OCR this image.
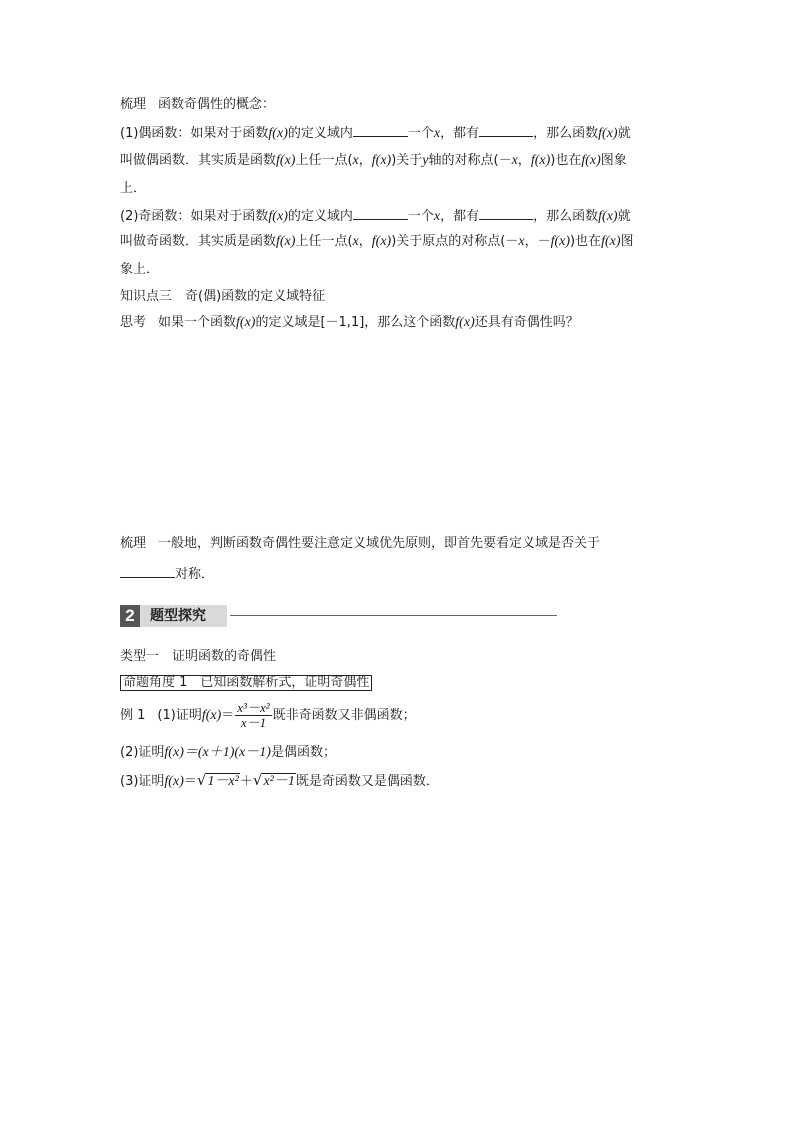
梳理 函数奇偶性的概念：
(1)偶函数：如果对于函数f(x)的定义域内	一个x，都有	，那么函数f(x)就
叫做偶函数．其实质是函数f(x)上任一点(x，f(x))关于y轴的对称点(－x，f(x))也在f(x)图象
上．
(2)奇函数：如果对于函数f(x)的定义域内	一个x，都有	，那么函数f(x)就
叫做奇函数．其实质是函数f(x)上任一点(x，f(x))关于原点的对称点(－x，－f(x))也在f(x)图
象上．
知识点三　奇(偶)函数的定义域特征
思考 如果一个函数f(x)的定义域是[－1,1]，那么这个函数f(x)还具有奇偶性吗？
梳理 一般地，判断函数奇偶性要注意定义域优先原则，即首先要看定义域是否关于
对称．
2	题型探究
类型一　证明函数的奇偶性
命题角度 1　已知函数解析式，证明奇偶性
例 1 (1)证明$f(x)= \frac{\text{x³－x²}}{x-1}$ 既非奇函数又非偶函数；
(2)证明f(x)＝(x＋1)(x－1)是偶函数；
(3)证明f(x)＝√1－x²＋√x²－1既是奇函数又是偶函数．
